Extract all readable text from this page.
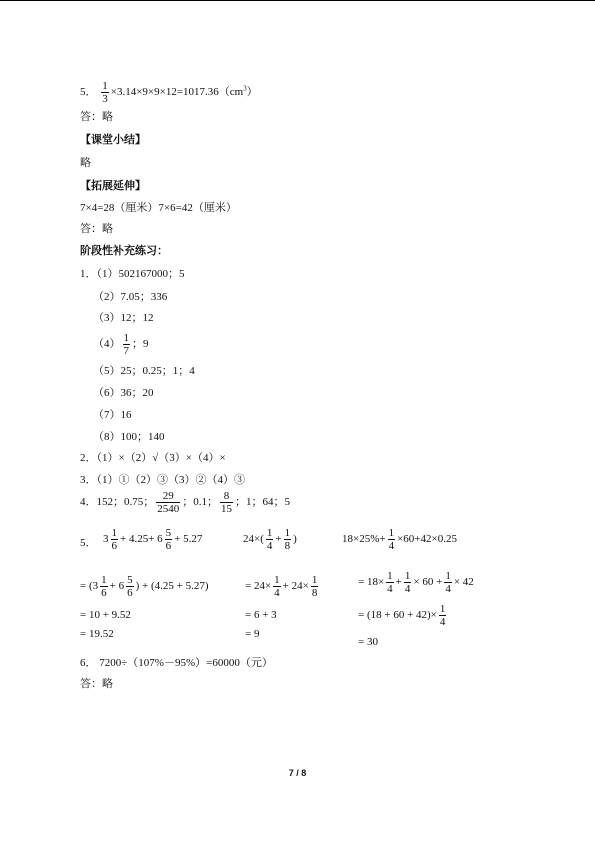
5． $\frac{1}{3} \times 3.14\times 9\times 9\times 12=1017.36(cm^3)$
答：略
【课堂小结】
略
【拓展延伸】
7×4=28（厘米）7×6=42（厘米）
答：略
阶段性补充练习：
1．（1）502167000；5
（2）7.05；336
（3）12；12
$(4) \frac{1}{7}$ ；9
（5）25；0.25；1；4
（6）36；20
（7）16
（8）100；140
2．（1）×（2）√（3）×（4）×
3．（1）①（2）③（3）②（4）③
4．152；0.75； $\frac{29}{2540}$ ；0.1； $\frac{8}{15}$ ；1；64；5
5． $3 \frac{1}{6} + 4.25+ 6 \frac{5}{6} + 5.27$	$24\times( \frac{1}{4} + \frac{1}{8}$ )	$18\times 25\%+ \frac{1}{4} \times 60+42\times 0.25$
= ($3 \frac{1}{6} + 6 \frac{5}{6}$ ) + (4.25 + 5.27)
= 10 + 9.52
= 19.52
= $24\times \frac{1}{4} + 24\times \frac{1}{8}$
= 6 + 3
= 9
= $18\times \frac{1}{4} + \frac{1}{4} \times 60 + \frac{1}{4} \times 42$
= $(18 + 60 + 42)\times \frac{1}{4}$
= 30
6． 7200÷（107%－95%）=60000（元）
答：略
7 / 8
